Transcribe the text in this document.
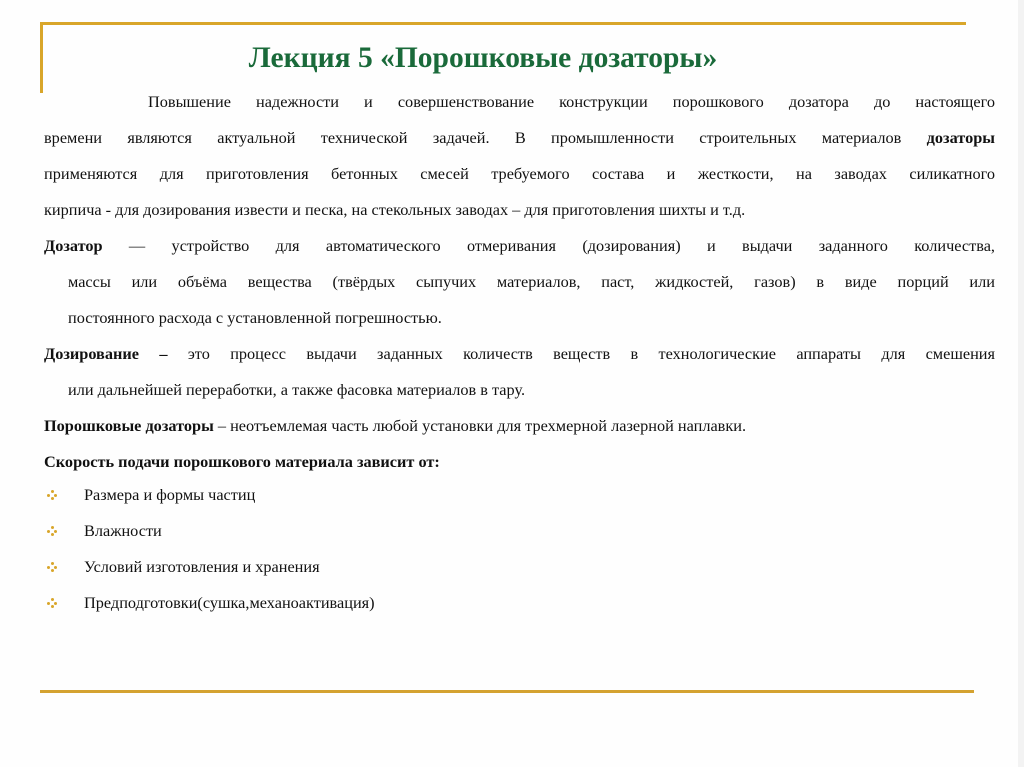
Лекция 5 «Порошковые дозаторы»
Повышение надежности и совершенствование конструкции порошкового дозатора до настоящего
времени являются актуальной технической задачей. В промышленности строительных материалов дозаторы
применяются для приготовления бетонных смесей требуемого состава и жесткости, на заводах силикатного
кирпича - для дозирования извести и песка, на стекольных заводах – для приготовления шихты и т.д.
Дозатор — устройство для автоматического отмеривания (дозирования) и выдачи заданного количества,
массы или объёма вещества (твёрдых сыпучих материалов, паст, жидкостей, газов) в виде порций или
постоянного расхода с установленной погрешностью.
Дозирование – это процесс выдачи заданных количеств веществ в технологические аппараты для смешения
или дальнейшей переработки, а также фасовка материалов в тару.
Порошковые дозаторы – неотъемлемая часть любой установки для трехмерной лазерной наплавки.
Скорость подачи порошкового материала зависит от:
Размера и формы частиц
Влажности
Условий изготовления и хранения
Предподготовки(сушка,механоактивация)
